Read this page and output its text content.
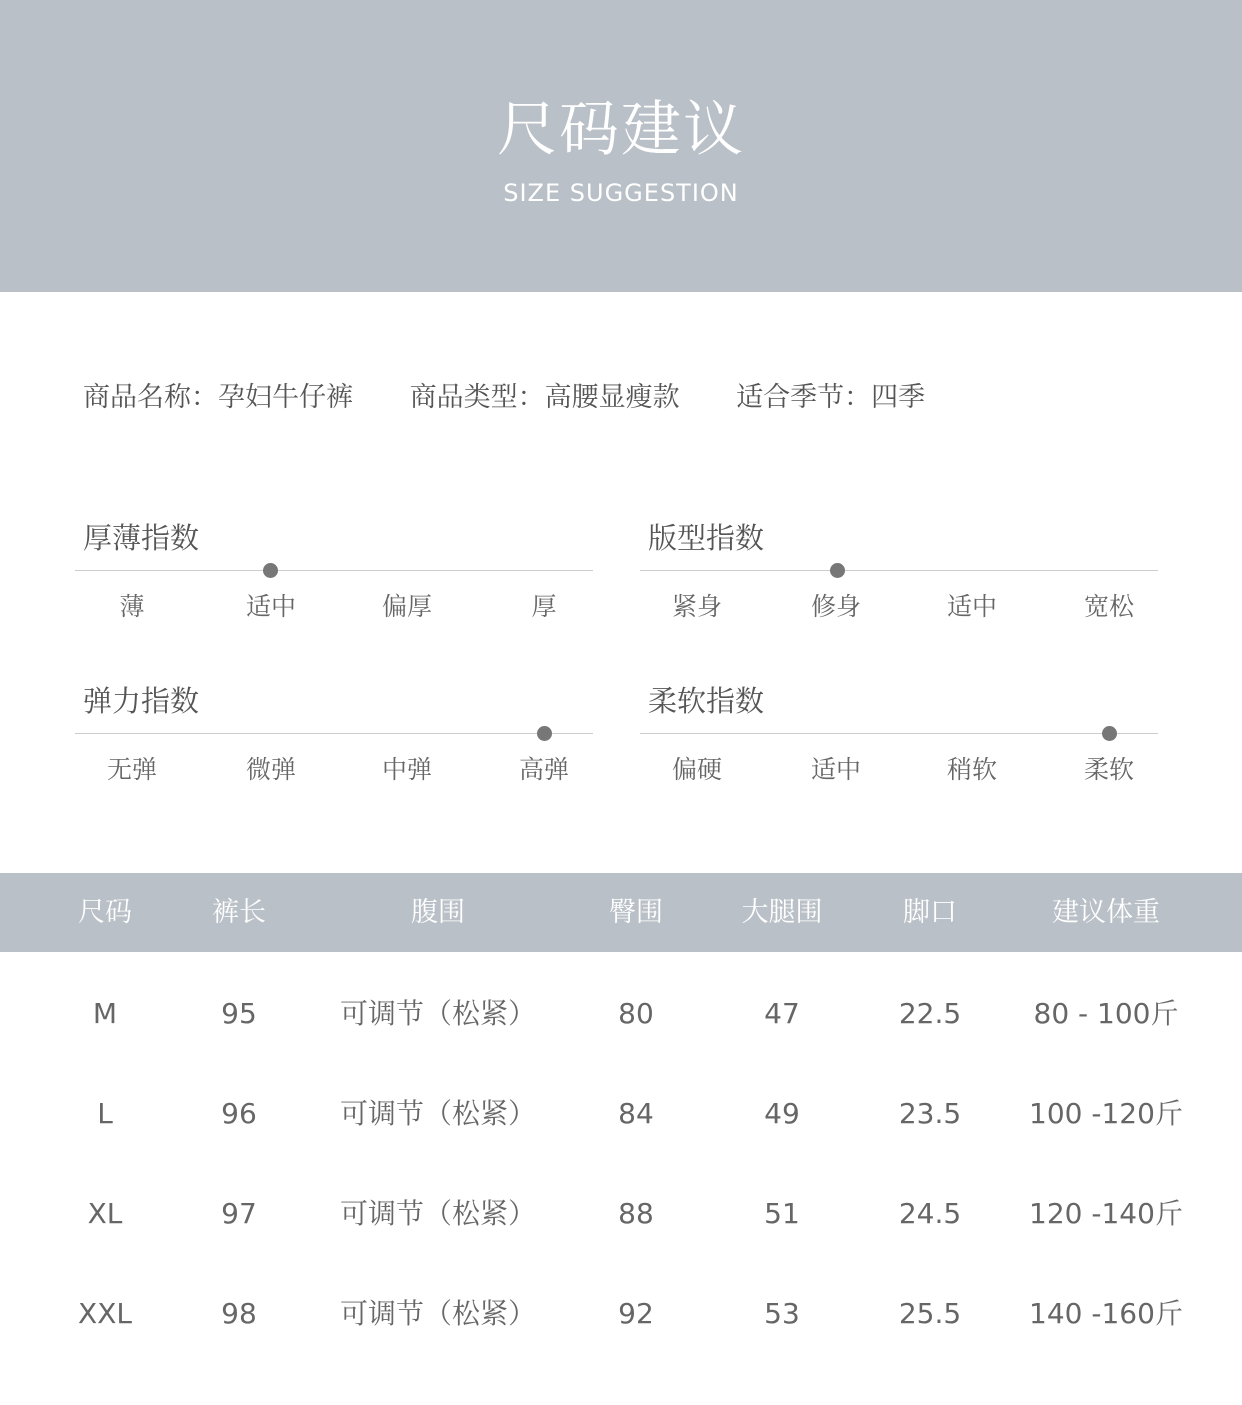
尺码建议
SIZE SUGGESTION
商品名称：孕妇牛仔裤 商品类型：高腰显瘦款 适合季节：四季
厚薄指数
薄	适中	偏厚	厚
版型指数
紧身	修身	适中	宽松
弹力指数
无弹	微弹	中弹	高弹
柔软指数
偏硬	适中	稍软	柔软
尺码	裤长	腹围	臀围	大腿围	脚口	建议体重
M	95	可调节（松紧）	80	47	22.5	80 - 100斤
L	96	可调节（松紧）	84	49	23.5	100 -120斤
XL	97	可调节（松紧）	88	51	24.5	120 -140斤
XXL	98	可调节（松紧）	92	53	25.5	140 -160斤
